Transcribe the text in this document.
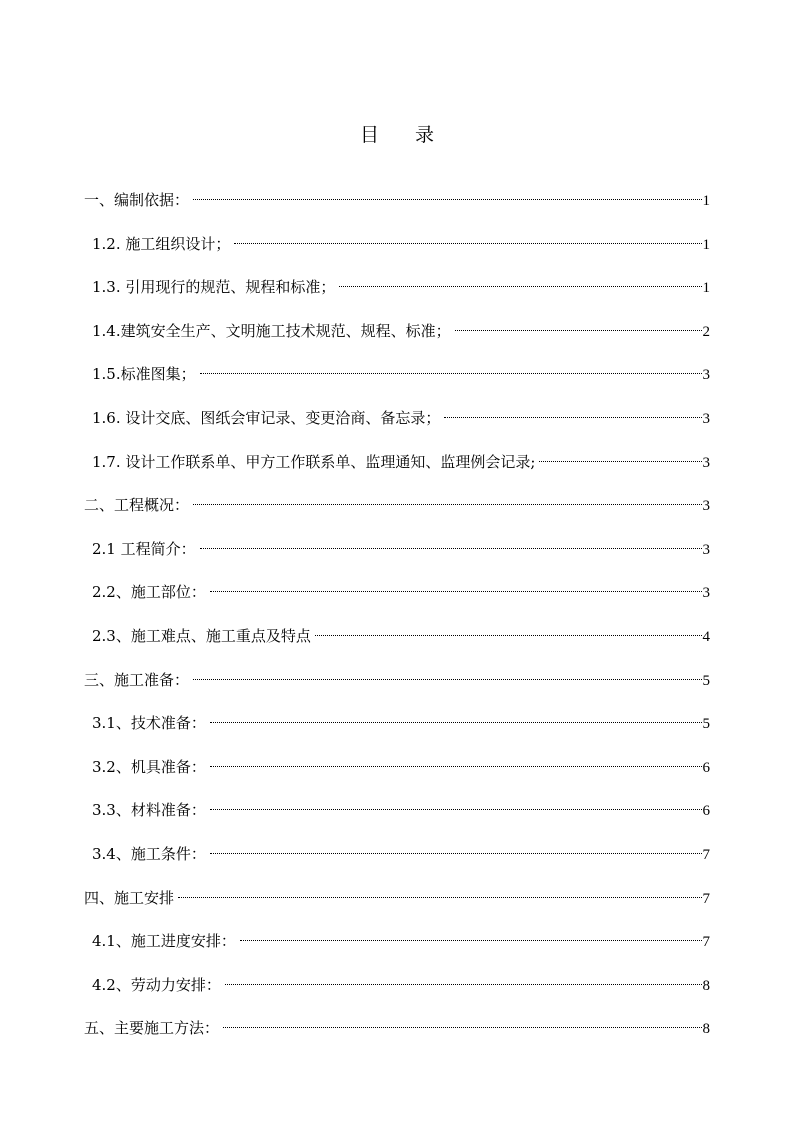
目 录
一、编制依据：	1
1.2. 施工组织设计；	1
1.3. 引用现行的规范、规程和标准；	1
1.4.建筑安全生产、文明施工技术规范、规程、标准；	2
1.5.标准图集；	3
1.6. 设计交底、图纸会审记录、变更洽商、备忘录；	3
1.7. 设计工作联系单、甲方工作联系单、监理通知、监理例会记录;	3
二、工程概况：	3
2.1 工程简介：	3
2.2、施工部位：	3
2.3、施工难点、施工重点及特点	4
三、施工准备：	5
3.1、技术准备：	5
3.2、机具准备：	6
3.3、材料准备：	6
3.4、施工条件：	7
四、施工安排	7
4.1、施工进度安排：	7
4.2、劳动力安排：	8
五、主要施工方法：	8
